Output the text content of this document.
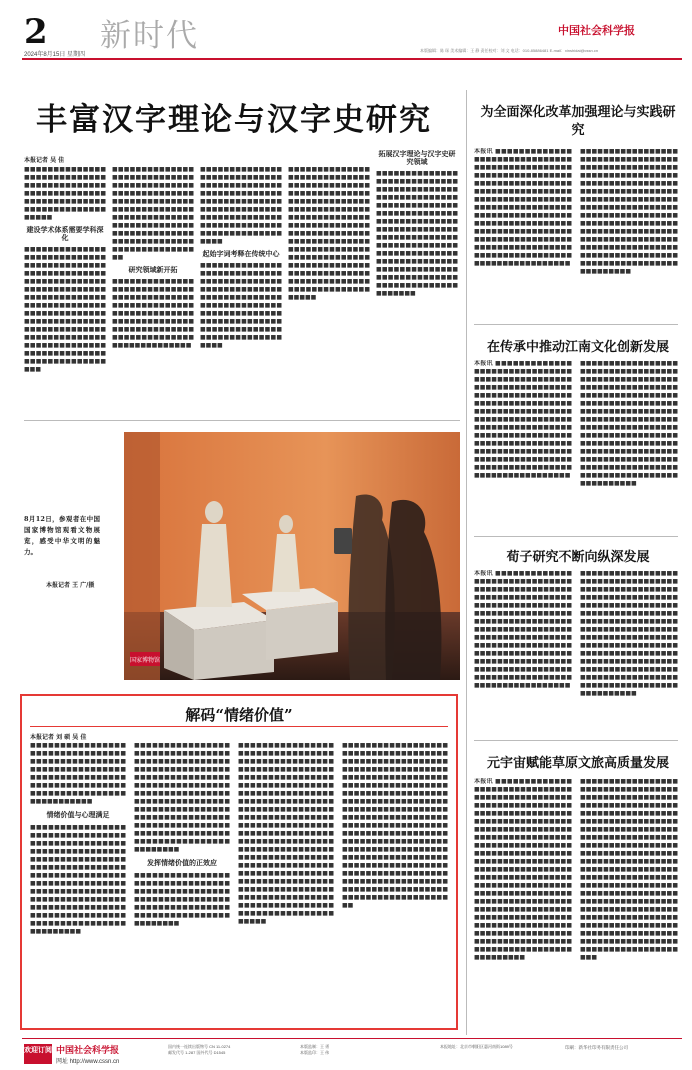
2
2024年8月15日 星期四
新时代	中国社会科学报
本版编辑：陈 琛 美术编辑：王 静 责任校对：刘 文 电话：010-85886481 E-mail：xinshidai@cssn.cn
丰富汉字理论与汉字史研究
本报记者 吴 佳
■■■■■■■■■■■■■■■■■■■■■■■■■■■■■■■■■■■■■■■■■■■■■■■■■■■■■■■■■■■■■■■■■■■■■■■■■■■■■■■■■■■■■■■■■
建设学术体系需要学科深化
■■■■■■■■■■■■■■■■■■■■■■■■■■■■■■■■■■■■■■■■■■■■■■■■■■■■■■■■■■■■■■■■■■■■■■■■■■■■■■■■■■■■■■■■■■■■■■■■■■■■■■■■■■■■■■■■■■■■■■■■■■■■■■■■■■■■■■■■■■■■■■■■■■■■■■■■■■■■■■■■■■■■■■■■■■■■■■■■■■■■■■■■■■■■■■■■■■■■■■■■■■■■■■■■■■■■■
■■■■■■■■■■■■■■■■■■■■■■■■■■■■■■■■■■■■■■■■■■■■■■■■■■■■■■■■■■■■■■■■■■■■■■■■■■■■■■■■■■■■■■■■■■■■■■■■■■■■■■■■■■■■■■■■■■■■■■■■■■■■■■■■■■■■■■■■■■■■■■■■■■■■■■■■■■■■
研究领域新开拓
■■■■■■■■■■■■■■■■■■■■■■■■■■■■■■■■■■■■■■■■■■■■■■■■■■■■■■■■■■■■■■■■■■■■■■■■■■■■■■■■■■■■■■■■■■■■■■■■■■■■■■■■■■■■■■■■■■■■■■■■■■■■■■
■■■■■■■■■■■■■■■■■■■■■■■■■■■■■■■■■■■■■■■■■■■■■■■■■■■■■■■■■■■■■■■■■■■■■■■■■■■■■■■■■■■■■■■■■■■■■■■■■■■■■■■■■■■■■■■■■■■■■■■■■■■■■■■■■■
起始字词考释在传统中心
■■■■■■■■■■■■■■■■■■■■■■■■■■■■■■■■■■■■■■■■■■■■■■■■■■■■■■■■■■■■■■■■■■■■■■■■■■■■■■■■■■■■■■■■■■■■■■■■■■■■■■■■■■■■■■■■■■■■■■■■■■■■■■■■■■■■■■■■■■■■■■■■
■■■■■■■■■■■■■■■■■■■■■■■■■■■■■■■■■■■■■■■■■■■■■■■■■■■■■■■■■■■■■■■■■■■■■■■■■■■■■■■■■■■■■■■■■■■■■■■■■■■■■■■■■■■■■■■■■■■■■■■■■■■■■■■■■■■■■■■■■■■■■■■■■■■■■■■■■■■■■■■■■■■■■■■■■■■■■■■■■■■■■■■■■■■■■■■■■■■■■■■■■■■■■■■■■■■■■■■■■■■■■■■■■■■■■
拓展汉字理论与汉字史研究领域
■■■■■■■■■■■■■■■■■■■■■■■■■■■■■■■■■■■■■■■■■■■■■■■■■■■■■■■■■■■■■■■■■■■■■■■■■■■■■■■■■■■■■■■■■■■■■■■■■■■■■■■■■■■■■■■■■■■■■■■■■■■■■■■■■■■■■■■■■■■■■■■■■■■■■■■■■■■■■■■■■■■■■■■■■■■■■■■■■■■■■■■■■■■■■■■■■■■■■■■■■■■■■■■■■■■■■■■■■
为全面深化改革加强理论与实践研究
本报讯 ■■■■■■■■■■■■■■■■■■■■■■■■■■■■■■■■■■■■■■■■■■■■■■■■■■■■■■■■■■■■■■■■■■■■■■■■■■■■■■■■■■■■■■■■■■■■■■■■■■■■■■■■■■■■■■■■■■■■■■■■■■■■■■■■■■■■■■■■■■■■■■■■■■■■■■■■■■■■■■■■■■■■■■■■■■■■■■■■■■■■■■■■■■■■■■■■■■■■■■■■■■■■■■■■■■■■■■■■■■■■■■■■■■■■■■■■■■■■■■■■■■■■■■■■■■■
■■■■■■■■■■■■■■■■■■■■■■■■■■■■■■■■■■■■■■■■■■■■■■■■■■■■■■■■■■■■■■■■■■■■■■■■■■■■■■■■■■■■■■■■■■■■■■■■■■■■■■■■■■■■■■■■■■■■■■■■■■■■■■■■■■■■■■■■■■■■■■■■■■■■■■■■■■■■■■■■■■■■■■■■■■■■■■■■■■■■■■■■■■■■■■■■■■■■■■■■■■■■■■■■■■■■■■■■■■■■■■■■■■■■■■■■■■■■■■■■■■■■■■■■■■■■■■■■■■■■■■■■
在传承中推动江南文化创新发展
本报讯 ■■■■■■■■■■■■■■■■■■■■■■■■■■■■■■■■■■■■■■■■■■■■■■■■■■■■■■■■■■■■■■■■■■■■■■■■■■■■■■■■■■■■■■■■■■■■■■■■■■■■■■■■■■■■■■■■■■■■■■■■■■■■■■■■■■■■■■■■■■■■■■■■■■■■■■■■■■■■■■■■■■■■■■■■■■■■■■■■■■■■■■■■■■■■■■■■■■■■■■■■■■■■■■■■■■■■■■■■■■■■■■■■■■■■■■■■■■■■■■■■■■■■■■■■■■■
■■■■■■■■■■■■■■■■■■■■■■■■■■■■■■■■■■■■■■■■■■■■■■■■■■■■■■■■■■■■■■■■■■■■■■■■■■■■■■■■■■■■■■■■■■■■■■■■■■■■■■■■■■■■■■■■■■■■■■■■■■■■■■■■■■■■■■■■■■■■■■■■■■■■■■■■■■■■■■■■■■■■■■■■■■■■■■■■■■■■■■■■■■■■■■■■■■■■■■■■■■■■■■■■■■■■■■■■■■■■■■■■■■■■■■■■■■■■■■■■■■■■■■■■■■■■■■■■■■■■■■■■■
荀子研究不断向纵深发展
本报讯 ■■■■■■■■■■■■■■■■■■■■■■■■■■■■■■■■■■■■■■■■■■■■■■■■■■■■■■■■■■■■■■■■■■■■■■■■■■■■■■■■■■■■■■■■■■■■■■■■■■■■■■■■■■■■■■■■■■■■■■■■■■■■■■■■■■■■■■■■■■■■■■■■■■■■■■■■■■■■■■■■■■■■■■■■■■■■■■■■■■■■■■■■■■■■■■■■■■■■■■■■■■■■■■■■■■■■■■■■■■■■■■■■■■■■■■■■■■■■■■■■■■■■■■■■■■■
■■■■■■■■■■■■■■■■■■■■■■■■■■■■■■■■■■■■■■■■■■■■■■■■■■■■■■■■■■■■■■■■■■■■■■■■■■■■■■■■■■■■■■■■■■■■■■■■■■■■■■■■■■■■■■■■■■■■■■■■■■■■■■■■■■■■■■■■■■■■■■■■■■■■■■■■■■■■■■■■■■■■■■■■■■■■■■■■■■■■■■■■■■■■■■■■■■■■■■■■■■■■■■■■■■■■■■■■■■■■■■■■■■■■■■■■■■■■■■■■■■■■■■■■■■■■■■■■■■■■■■■■■
元宇宙赋能草原文旅高质量发展
本报讯 ■■■■■■■■■■■■■■■■■■■■■■■■■■■■■■■■■■■■■■■■■■■■■■■■■■■■■■■■■■■■■■■■■■■■■■■■■■■■■■■■■■■■■■■■■■■■■■■■■■■■■■■■■■■■■■■■■■■■■■■■■■■■■■■■■■■■■■■■■■■■■■■■■■■■■■■■■■■■■■■■■■■■■■■■■■■■■■■■■■■■■■■■■■■■■■■■■■■■■■■■■■■■■■■■■■■■■■■■■■■■■■■■■■■■■■■■■■■■■■■■■■■■■■■■■■■■■■■■■■■■■■■■■■■■■■■■■■■■■■■■■■■■■■■■■■■■■■■■■■■■■■■■■■■■■■■■■■■■■■■■■■■■■■■■■■■■■■■■■■■■■■■■■■■■■■■■■■■■■■■■■■■■■■■■■■■■■■■■■■■
■■■■■■■■■■■■■■■■■■■■■■■■■■■■■■■■■■■■■■■■■■■■■■■■■■■■■■■■■■■■■■■■■■■■■■■■■■■■■■■■■■■■■■■■■■■■■■■■■■■■■■■■■■■■■■■■■■■■■■■■■■■■■■■■■■■■■■■■■■■■■■■■■■■■■■■■■■■■■■■■■■■■■■■■■■■■■■■■■■■■■■■■■■■■■■■■■■■■■■■■■■■■■■■■■■■■■■■■■■■■■■■■■■■■■■■■■■■■■■■■■■■■■■■■■■■■■■■■■■■■■■■■■■■■■■■■■■■■■■■■■■■■■■■■■■■■■■■■■■■■■■■■■■■■■■■■■■■■■■■■■■■■■■■■■■■■■■■■■■■■■■■■■■■■■■■■■■■■■■■■■■■■■■■■■■■■■■■■■
8月12日，参观者在中国国家博物馆观看文物展览，感受中华文明的魅力。
本报记者 王 广/摄
国家博物馆
解码“情绪价值”
本报记者 刘 硕 吴 佳
■■■■■■■■■■■■■■■■■■■■■■■■■■■■■■■■■■■■■■■■■■■■■■■■■■■■■■■■■■■■■■■■■■■■■■■■■■■■■■■■■■■■■■■■■■■■■■■■■■■■■■■■■■■■■■■■■■■■■■■■■■■
情绪价值与心理满足
■■■■■■■■■■■■■■■■■■■■■■■■■■■■■■■■■■■■■■■■■■■■■■■■■■■■■■■■■■■■■■■■■■■■■■■■■■■■■■■■■■■■■■■■■■■■■■■■■■■■■■■■■■■■■■■■■■■■■■■■■■■■■■■■■■■■■■■■■■■■■■■■■■■■■■■■■■■■■■■■■■■■■■■■■■■■■■■■■■■■■■■■■■■■■■■■■■■■■■■■■■■■■■■■■■■■■■■■■
■■■■■■■■■■■■■■■■■■■■■■■■■■■■■■■■■■■■■■■■■■■■■■■■■■■■■■■■■■■■■■■■■■■■■■■■■■■■■■■■■■■■■■■■■■■■■■■■■■■■■■■■■■■■■■■■■■■■■■■■■■■■■■■■■■■■■■■■■■■■■■■■■■■■■■■■■■■■■■■■■■■■■■■■■■■■■■■■■■■■■■■■■■■■■■■■■■■■■■■■■■■■■■■■■■■■■■■■
发挥情绪价值的正效应
■■■■■■■■■■■■■■■■■■■■■■■■■■■■■■■■■■■■■■■■■■■■■■■■■■■■■■■■■■■■■■■■■■■■■■■■■■■■■■■■■■■■■■■■■■■■■■■■■■■■■■■■
■■■■■■■■■■■■■■■■■■■■■■■■■■■■■■■■■■■■■■■■■■■■■■■■■■■■■■■■■■■■■■■■■■■■■■■■■■■■■■■■■■■■■■■■■■■■■■■■■■■■■■■■■■■■■■■■■■■■■■■■■■■■■■■■■■■■■■■■■■■■■■■■■■■■■■■■■■■■■■■■■■■■■■■■■■■■■■■■■■■■■■■■■■■■■■■■■■■■■■■■■■■■■■■■■■■■■■■■■■■■■■■■■■■■■■■■■■■■■■■■■■■■■■■■■■■■■■■■■■■■■■■■■■■■■■■■■■■■■■■■■■■■■■■■■■■■■■■■■■■■■■■■■■■■■■■■■■■■■■■■■■■■■■■■■■■■■■■■■■■■■■■■■■■■■■■■■■■■■
■■■■■■■■■■■■■■■■■■■■■■■■■■■■■■■■■■■■■■■■■■■■■■■■■■■■■■■■■■■■■■■■■■■■■■■■■■■■■■■■■■■■■■■■■■■■■■■■■■■■■■■■■■■■■■■■■■■■■■■■■■■■■■■■■■■■■■■■■■■■■■■■■■■■■■■■■■■■■■■■■■■■■■■■■■■■■■■■■■■■■■■■■■■■■■■■■■■■■■■■■■■■■■■■■■■■■■■■■■■■■■■■■■■■■■■■■■■■■■■■■■■■■■■■■■■■■■■■■■■■■■■■■■■■■■■■■■■■■■■■■■■■■■■■■■■■■■■■■■■■■■■■■■■■■■■■■■■■■■■■■■■■■■■■■■■■■■■■■■■■■■■■■■■■■■■■■■■■■■■■■■
欢迎订阅 中国社会科学报
网址 http://www.cssn.cn
国内统一连续出版物号 CN 11-0274
邮发代号 1-287 国外代号 D1545
本版监制：王 勇
本版监印：王 伟
本报地址：北京市朝阳区惠河南街1089号	印刷：新华社印务有限责任公司
